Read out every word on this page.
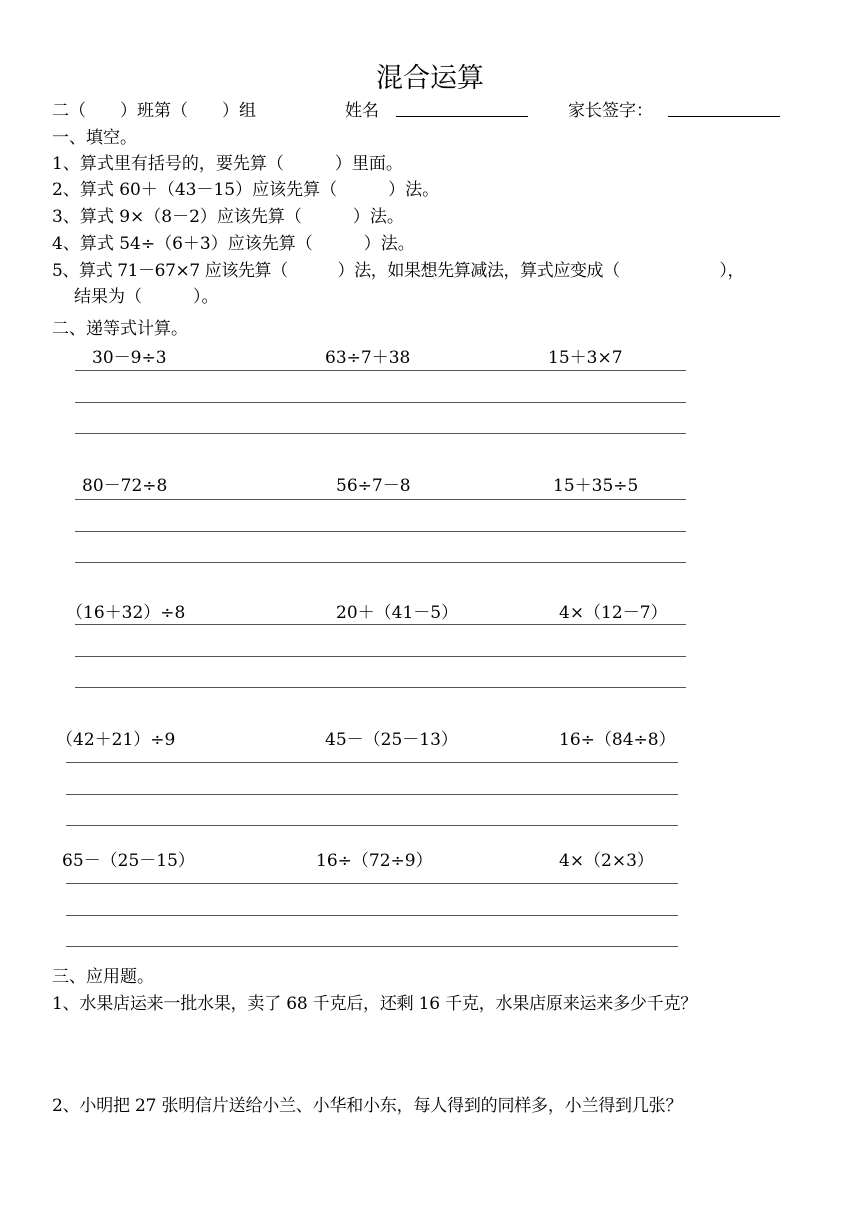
混合运算
二（　　）班第（　　）组	姓名	家长签字：
一、填空。
1、算式里有括号的，要先算（　　　）里面。
2、算式 60＋（43－15）应该先算（　　　）法。
3、算式 9×（8－2）应该先算（　　　）法。
4、算式 54÷（6＋3）应该先算（　　　）法。
5、算式 71－67×7 应该先算（　　　）法，如果想先算减法，算式应变成（　　　　　　），
结果为（　　　）。
二、递等式计算。
30－9÷3	63÷7＋38	15＋3×7
80－72÷8	56÷7－8	15＋35÷5
（16＋32）÷8	20＋（41－5）	4×（12－7）
（42＋21）÷9	45－（25－13）	16÷（84÷8）
65－（25－15）	16÷（72÷9）	4×（2×3）
三、应用题。
1、水果店运来一批水果，卖了 68 千克后，还剩 16 千克，水果店原来运来多少千克？
2、小明把 27 张明信片送给小兰、小华和小东，每人得到的同样多，小兰得到几张？
